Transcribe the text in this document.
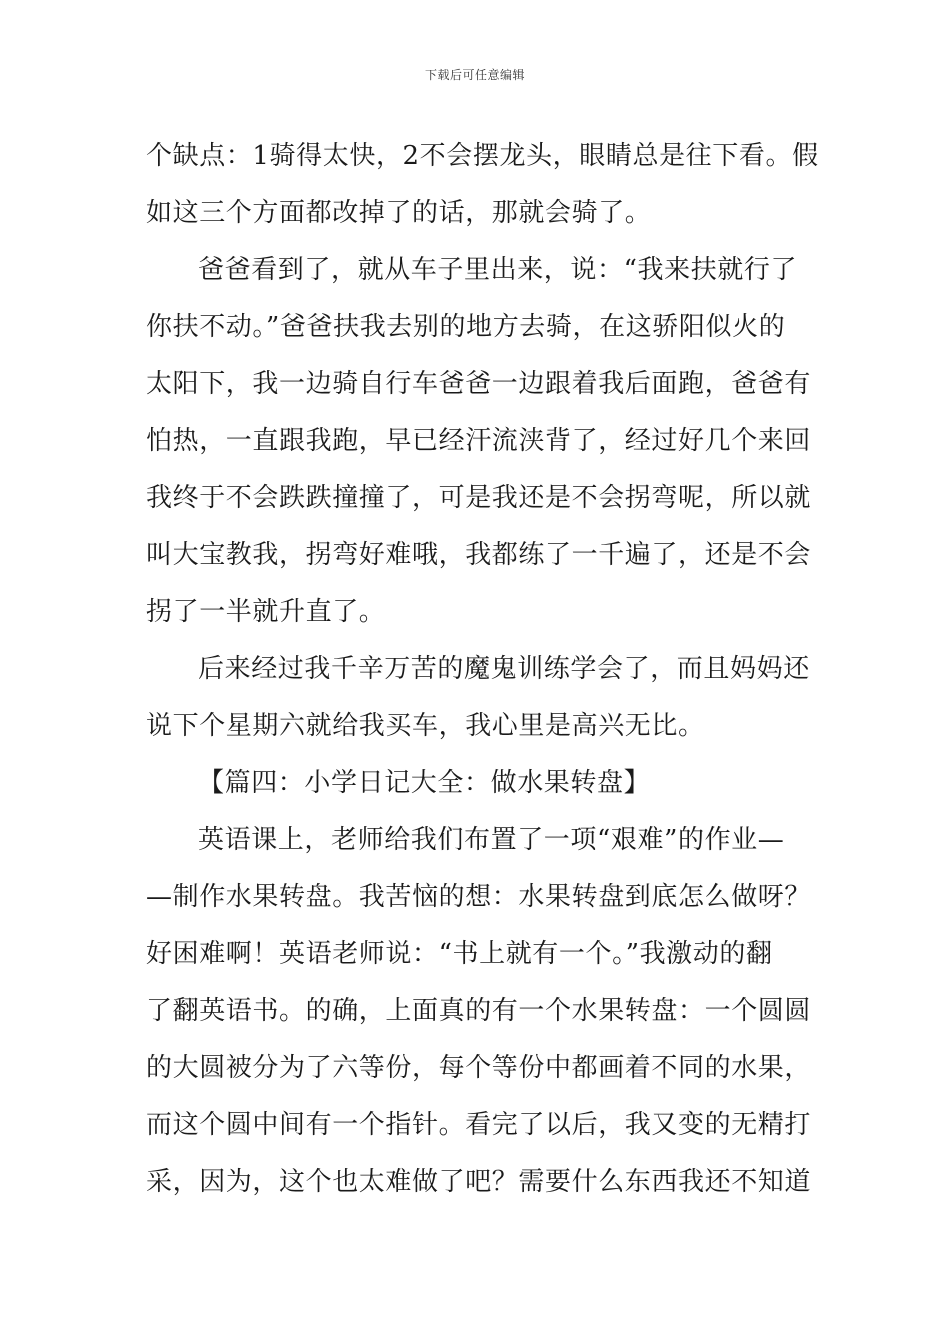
下载后可任意编辑
个缺点：1骑得太快，2不会摆龙头，眼睛总是往下看。假
如这三个方面都改掉了的话，那就会骑了。
爸爸看到了，就从车子里出来，说：“我来扶就行了
你扶不动。”爸爸扶我去别的地方去骑，在这骄阳似火的
太阳下，我一边骑自行车爸爸一边跟着我后面跑，爸爸有
怕热，一直跟我跑，早已经汗流浃背了，经过好几个来回
我终于不会跌跌撞撞了，可是我还是不会拐弯呢，所以就
叫大宝教我，拐弯好难哦，我都练了一千遍了，还是不会
拐了一半就升直了。
后来经过我千辛万苦的魔鬼训练学会了，而且妈妈还
说下个星期六就给我买车，我心里是高兴无比。
【篇四：小学日记大全：做水果转盘】
英语课上，老师给我们布置了一项“艰难”的作业—
—制作水果转盘。我苦恼的想：水果转盘到底怎么做呀？
好困难啊！英语老师说：“书上就有一个。”我激动的翻
了翻英语书。的确，上面真的有一个水果转盘：一个圆圆
的大圆被分为了六等份，每个等份中都画着不同的水果，
而这个圆中间有一个指针。看完了以后，我又变的无精打
采，因为，这个也太难做了吧？需要什么东西我还不知道
